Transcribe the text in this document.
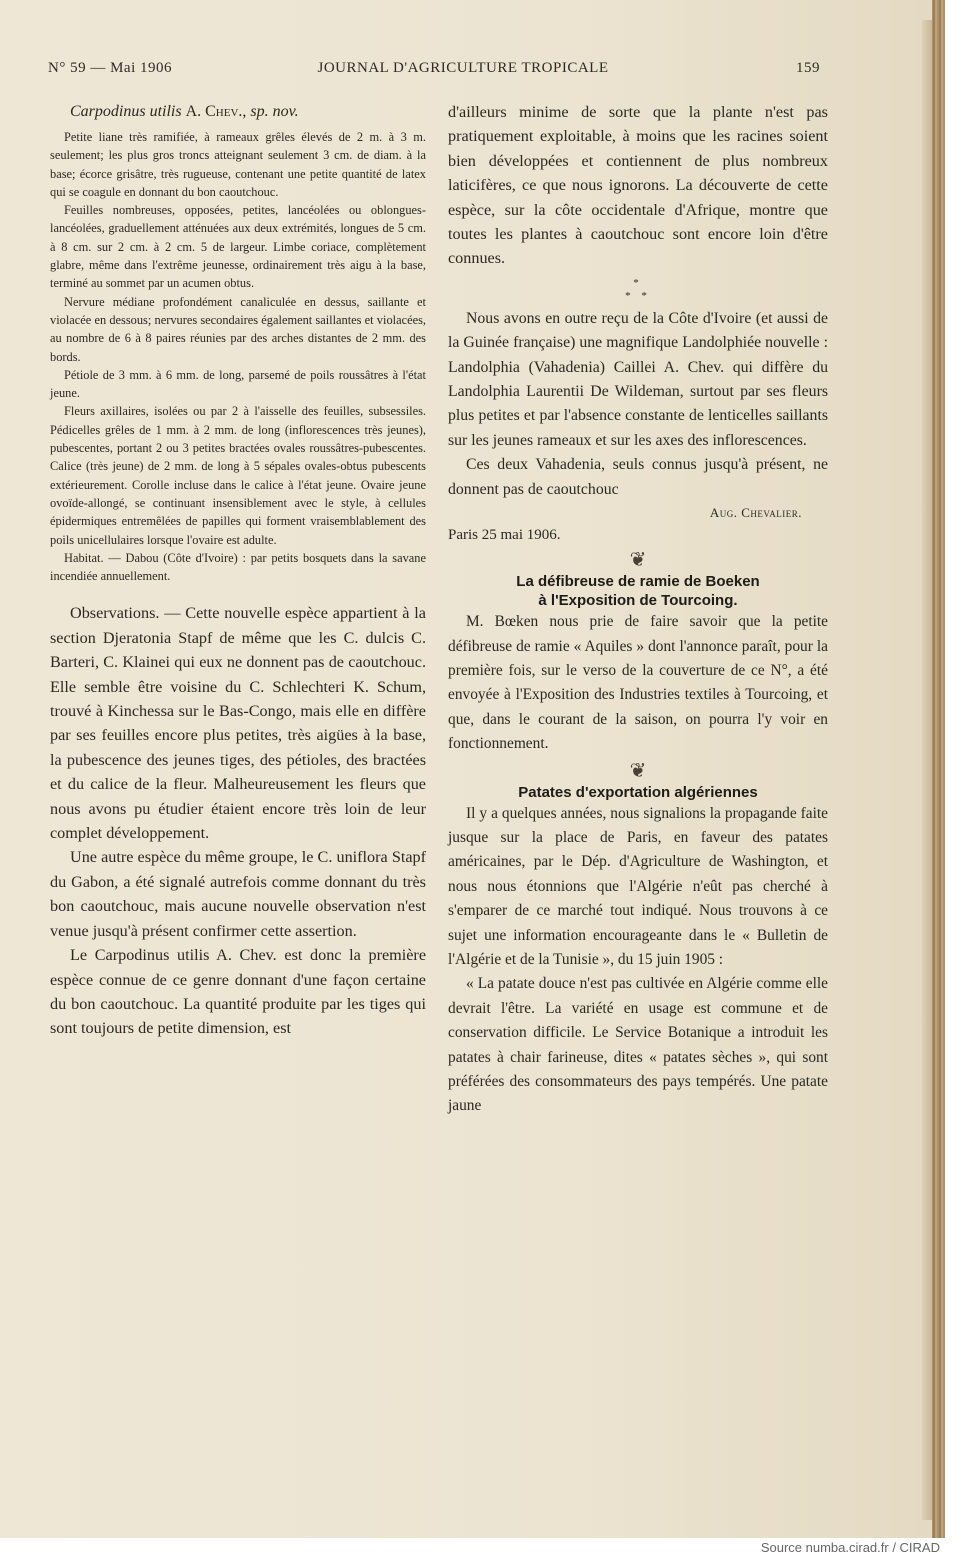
N° 59 — Mai 1906	JOURNAL D'AGRICULTURE TROPICALE	159
Carpodinus utilis A. Chev., sp. nov.

Petite liane très ramifiée, à rameaux grêles élevés de 2 m. à 3 m. seulement; les plus gros troncs atteignant seulement 3 cm. de diam. à la base; écorce grisâtre, très rugueuse, contenant une petite quantité de latex qui se coagule en donnant du bon caoutchouc.

Feuilles nombreuses, opposées, petites, lancéolées ou oblongues-lancéolées, graduellement atténuées aux deux extrémités, longues de 5 cm. à 8 cm. sur 2 cm. à 2 cm. 5 de largeur. Limbe coriace, complètement glabre, même dans l'extrême jeunesse, ordinairement très aigu à la base, terminé au sommet par un acumen obtus.

Nervure médiane profondément canaliculée en dessus, saillante et violacée en dessous; nervures secondaires également saillantes et violacées, au nombre de 6 à 8 paires réunies par des arches distantes de 2 mm. des bords.

Pétiole de 3 mm. à 6 mm. de long, parsemé de poils roussâtres à l'état jeune.

Fleurs axillaires, isolées ou par 2 à l'aisselle des feuilles, subsessiles. Pédicelles grêles de 1 mm. à 2 mm. de long (inflorescences très jeunes), pubescentes, portant 2 ou 3 petites bractées ovales roussâtres-pubescentes. Calice (très jeune) de 2 mm. de long à 5 sépales ovales-obtus pubescents extérieurement. Corolle incluse dans le calice à l'état jeune. Ovaire jeune ovoïde-allongé, se continuant insensiblement avec le style, à cellules épidermiques entremêlées de papilles qui forment vraisemblablement des poils unicellulaires lorsque l'ovaire est adulte.

Habitat. — Dabou (Côte d'Ivoire) : par petits bosquets dans la savane incendiée annuellement.

Observations. — Cette nouvelle espèce appartient à la section Djeratonia Stapf de même que les C. dulcis C. Barteri, C. Klainei qui eux ne donnent pas de caoutchouc. Elle semble être voisine du C. Schlechteri K. Schum, trouvé à Kinchessa sur le Bas-Congo, mais elle en diffère par ses feuilles encore plus petites, très aigües à la base, la pubescence des jeunes tiges, des pétioles, des bractées et du calice de la fleur. Malheureusement les fleurs que nous avons pu étudier étaient encore très loin de leur complet développement.

Une autre espèce du même groupe, le C. uniflora Stapf du Gabon, a été signalé autrefois comme donnant du très bon caoutchouc, mais aucune nouvelle observation n'est venue jusqu'à présent confirmer cette assertion.

Le Carpodinus utilis A. Chev. est donc la première espèce connue de ce genre donnant d'une façon certaine du bon caoutchouc. La quantité produite par les tiges qui sont toujours de petite dimension, est

d'ailleurs minime de sorte que la plante n'est pas pratiquement exploitable, à moins que les racines soient bien développées et contiennent de plus nombreux laticifères, ce que nous ignorons. La découverte de cette espèce, sur la côte occidentale d'Afrique, montre que toutes les plantes à caoutchouc sont encore loin d'être connues.

*
* *

Nous avons en outre reçu de la Côte d'Ivoire (et aussi de la Guinée française) une magnifique Landolphiée nouvelle : Landolphia (Vahadenia) Caillei A. Chev. qui diffère du Landolphia Laurentii De Wildeman, surtout par ses fleurs plus petites et par l'absence constante de lenticelles saillants sur les jeunes rameaux et sur les axes des inflorescences.

Ces deux Vahadenia, seuls connus jusqu'à présent, ne donnent pas de caoutchouc

Aug. Chevalier.
Paris 25 mai 1906.
❦
La défibreuse de ramie de Boeken
à l'Exposition de Tourcoing.

M. Bœken nous prie de faire savoir que la petite défibreuse de ramie « Aquiles » dont l'annonce paraît, pour la première fois, sur le verso de la couverture de ce N°, a été envoyée à l'Exposition des Industries textiles à Tourcoing, et que, dans le courant de la saison, on pourra l'y voir en fonctionnement.

❦
Patates d'exportation algériennes

Il y a quelques années, nous signalions la propagande faite jusque sur la place de Paris, en faveur des patates américaines, par le Dép. d'Agriculture de Washington, et nous nous étonnions que l'Algérie n'eût pas cherché à s'emparer de ce marché tout indiqué. Nous trouvons à ce sujet une information encourageante dans le « Bulletin de l'Algérie et de la Tunisie », du 15 juin 1905 :

« La patate douce n'est pas cultivée en Algérie comme elle devrait l'être. La variété en usage est commune et de conservation difficile. Le Service Botanique a introduit les patates à chair farineuse, dites « patates sèches », qui sont préférées des consommateurs des pays tempérés. Une patate jaune

Source numba.cirad.fr / CIRAD
